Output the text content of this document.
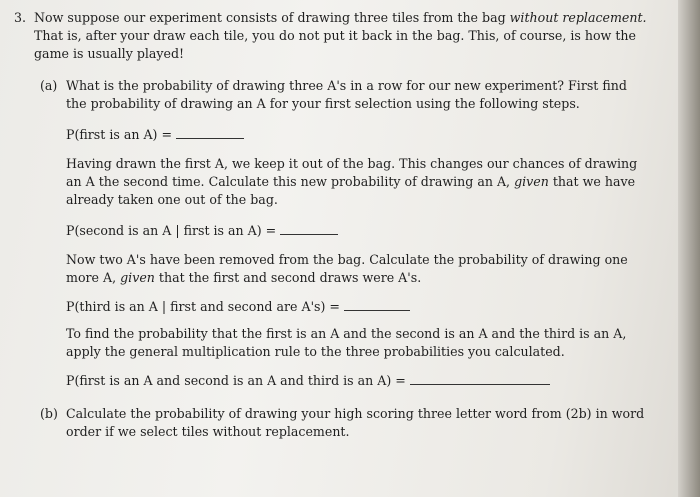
3. Now suppose our experiment consists of drawing three tiles from the bag without replacement.
That is, after your draw each tile, you do not put it back in the bag. This, of course, is how the
game is usually played!
(a) What is the probability of drawing three A's in a row for our new experiment? First find
the probability of drawing an A for your first selection using the following steps.
P(first is an A) =
Having drawn the first A, we keep it out of the bag. This changes our chances of drawing
an A the second time. Calculate this new probability of drawing an A, given that we have
already taken one out of the bag.
P(second is an A | first is an A) =
Now two A's have been removed from the bag. Calculate the probability of drawing one
more A, given that the first and second draws were A's.
P(third is an A | first and second are A's) =
To find the probability that the first is an A and the second is an A and the third is an A,
apply the general multiplication rule to the three probabilities you calculated.
P(first is an A and second is an A and third is an A) =
(b) Calculate the probability of drawing your high scoring three letter word from (2b) in word
order if we select tiles without replacement.
